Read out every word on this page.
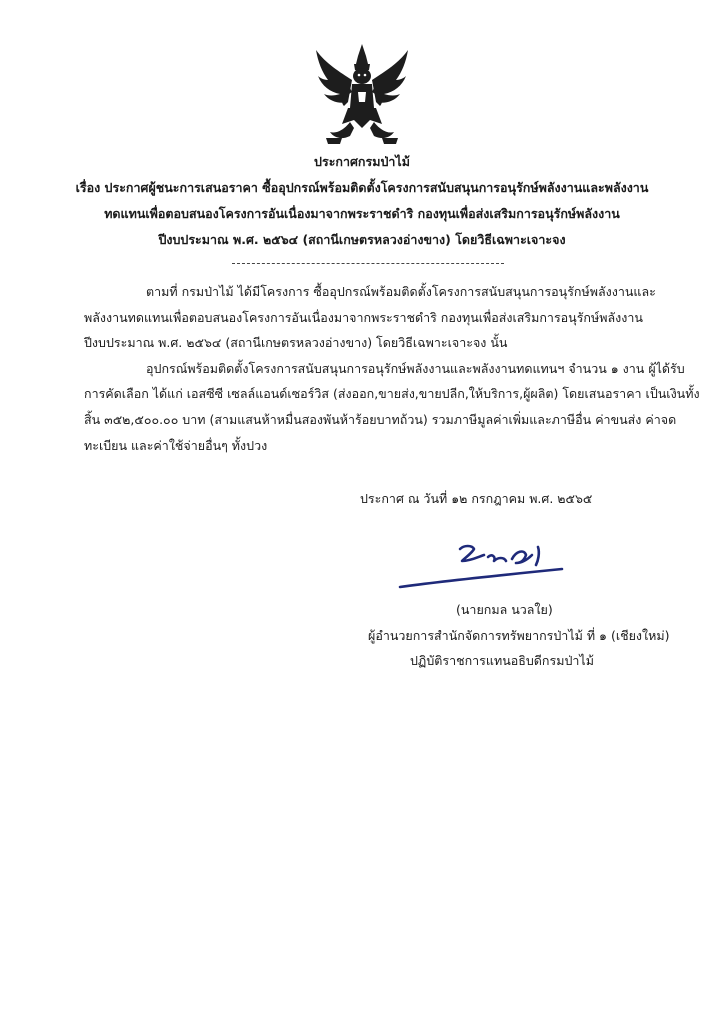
ประกาศกรมป่าไม้
เรื่อง ประกาศผู้ชนะการเสนอราคา ซื้ออุปกรณ์พร้อมติดตั้งโครงการสนับสนุนการอนุรักษ์พลังงานและพลังงาน
ทดแทนเพื่อตอบสนองโครงการอันเนื่องมาจากพระราชดำริ กองทุนเพื่อส่งเสริมการอนุรักษ์พลังงาน
ปีงบประมาณ พ.ศ. ๒๕๖๔ (สถานีเกษตรหลวงอ่างขาง) โดยวิธีเฉพาะเจาะจง
ตามที่ กรมป่าไม้ ได้มีโครงการ ซื้ออุปกรณ์พร้อมติดตั้งโครงการสนับสนุนการอนุรักษ์พลังงานและ
พลังงานทดแทนเพื่อตอบสนองโครงการอันเนื่องมาจากพระราชดำริ กองทุนเพื่อส่งเสริมการอนุรักษ์พลังงาน
ปีงบประมาณ พ.ศ. ๒๕๖๔ (สถานีเกษตรหลวงอ่างขาง) โดยวิธีเฉพาะเจาะจง นั้น
อุปกรณ์พร้อมติดตั้งโครงการสนับสนุนการอนุรักษ์พลังงานและพลังงานทดแทนฯ จำนวน ๑ งาน ผู้ได้รับ
การคัดเลือก ได้แก่ เอสซีซี เซลล์แอนด์เซอร์วิส (ส่งออก,ขายส่ง,ขายปลีก,ให้บริการ,ผู้ผลิต) โดยเสนอราคา เป็นเงินทั้ง
สิ้น ๓๕๒,๕๐๐.๐๐ บาท (สามแสนห้าหมื่นสองพันห้าร้อยบาทถ้วน) รวมภาษีมูลค่าเพิ่มและภาษีอื่น ค่าขนส่ง ค่าจด
ทะเบียน และค่าใช้จ่ายอื่นๆ ทั้งปวง
ประกาศ ณ วันที่ ๑๒ กรกฎาคม พ.ศ. ๒๕๖๕
(นายกมล นวลใย)
ผู้อำนวยการสำนักจัดการทรัพยากรป่าไม้ ที่ ๑ (เชียงใหม่)
ปฏิบัติราชการแทนอธิบดีกรมป่าไม้
